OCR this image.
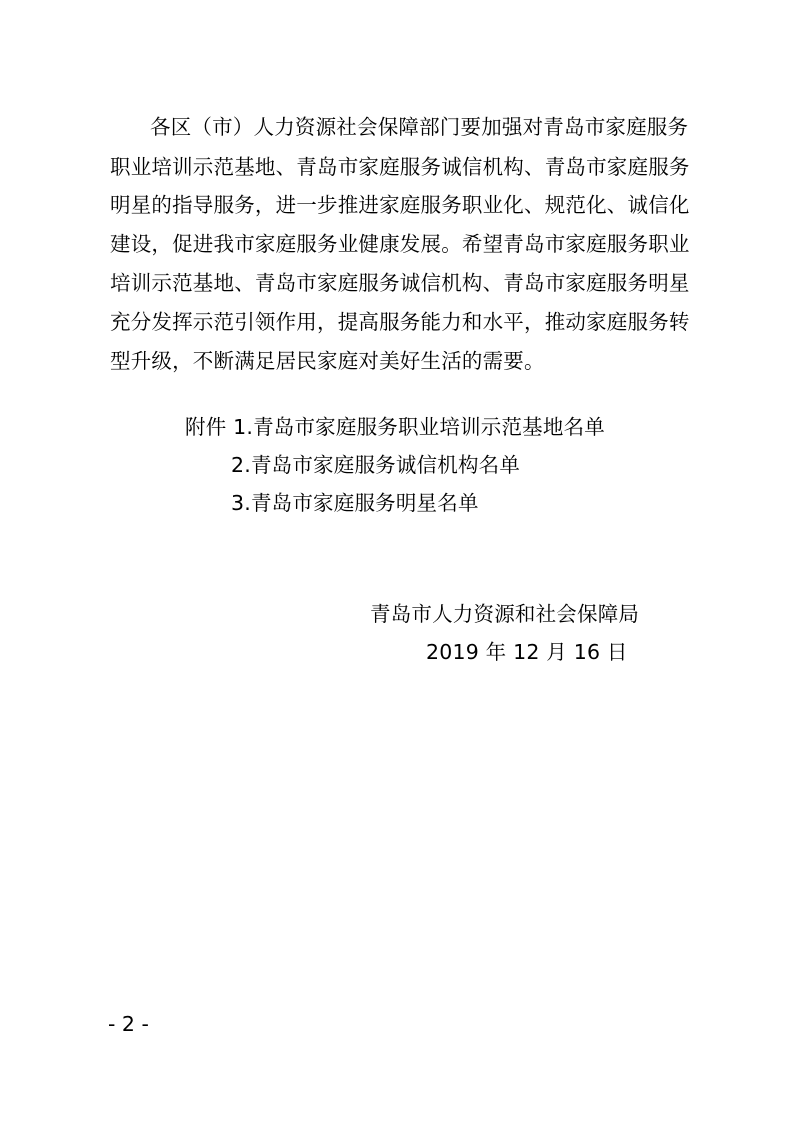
各区（市）人力资源社会保障部门要加强对青岛市家庭服务
职业培训示范基地、青岛市家庭服务诚信机构、青岛市家庭服务
明星的指导服务，进一步推进家庭服务职业化、规范化、诚信化
建设，促进我市家庭服务业健康发展。希望青岛市家庭服务职业
培训示范基地、青岛市家庭服务诚信机构、青岛市家庭服务明星
充分发挥示范引领作用，提高服务能力和水平，推动家庭服务转
型升级，不断满足居民家庭对美好生活的需要。
附件 1.青岛市家庭服务职业培训示范基地名单
2.青岛市家庭服务诚信机构名单
3.青岛市家庭服务明星名单
青岛市人力资源和社会保障局
2019 年 12 月 16 日
- 2 -
